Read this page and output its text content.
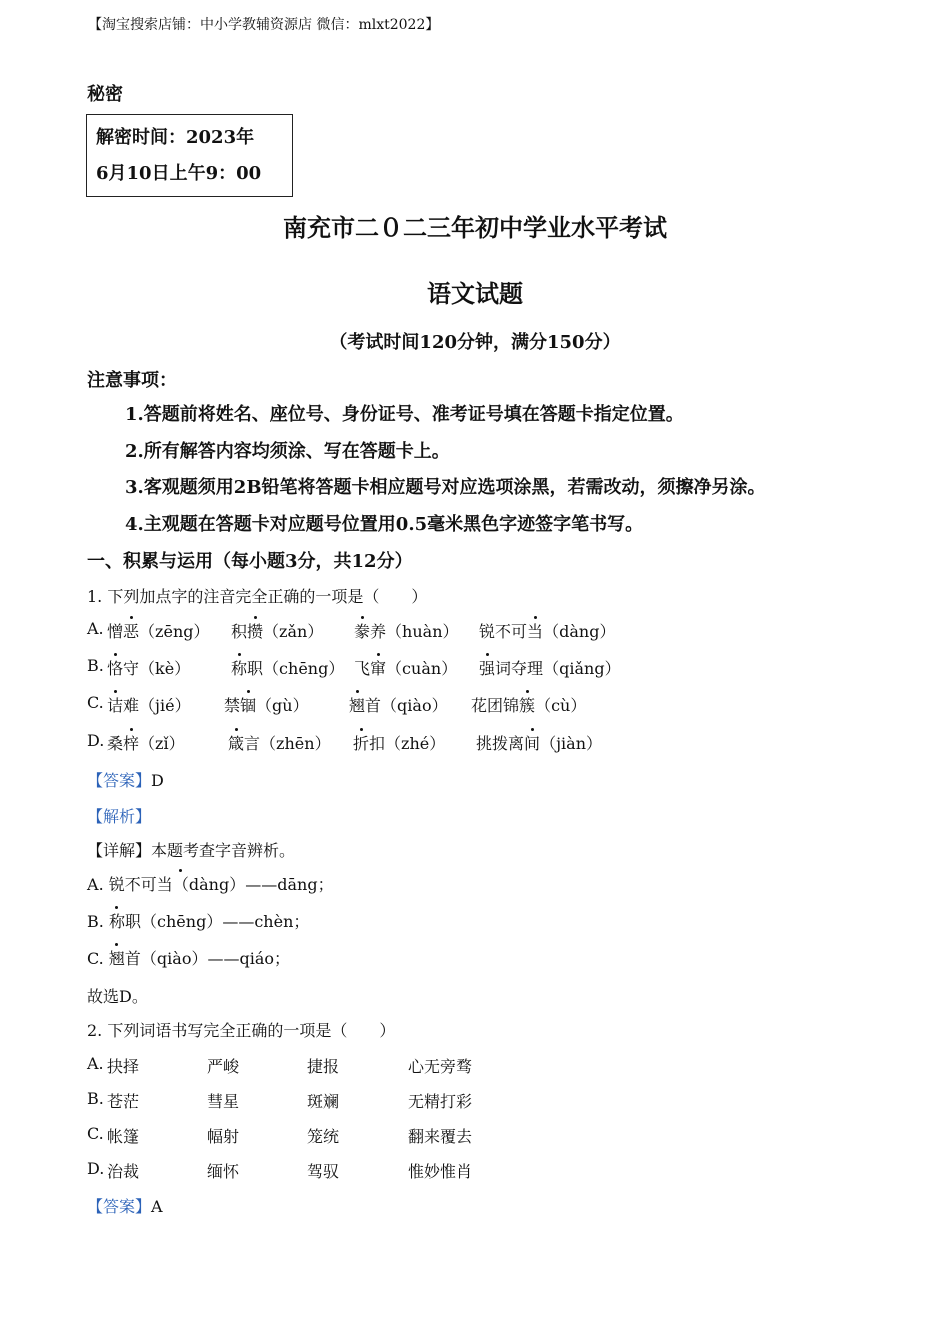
【淘宝搜索店铺：中小学教辅资源店 微信：mlxt2022】
秘密
解密时间：2023年
6月10日上午9：00
南充市二０二三年初中学业水平考试
语文试题
（考试时间120分钟，满分150分）
注意事项：
1.答题前将姓名、座位号、身份证号、准考证号填在答题卡指定位置。
2.所有解答内容均须涂、写在答题卡上。
3.客观题须用2B铅笔将答题卡相应题号对应选项涂黑，若需改动，须擦净另涂。
4.主观题在答题卡对应题号位置用0.5毫米黑色字迹签字笔书写。
一、积累与运用（每小题3分，共12分）
1. 下列加点字的注音完全正确的一项是（　　）
A. 憎恶（zēng） 积攒（zǎn） 豢养（huàn） 锐不可当（dàng）
B. 恪守（kè）	称职（chēng） 飞窜（cuàn） 强词夺理（qiǎng）
C. 诘难（jié） 禁锢（gù）	翘首（qiào） 花团锦簇（cù）
D. 桑梓（zǐ）	箴言（zhēn） 折扣（zhé） 挑拨离间（jiàn）
【答案】D
【解析】
【详解】本题考查字音辨析。
A. 锐不可当（dàng）——dāng；
B. 称职（chēng）——chèn；
C. 翘首（qiào）——qiáo；
故选D。
2. 下列词语书写完全正确的一项是（　　）
A. 抉择	严峻	捷报	心无旁骛
B. 苍茫	彗星	斑斓	无精打彩
C. 帐篷	幅射	笼统	翻来覆去
D. 治裁	缅怀	驾驭	惟妙惟肖
【答案】A
